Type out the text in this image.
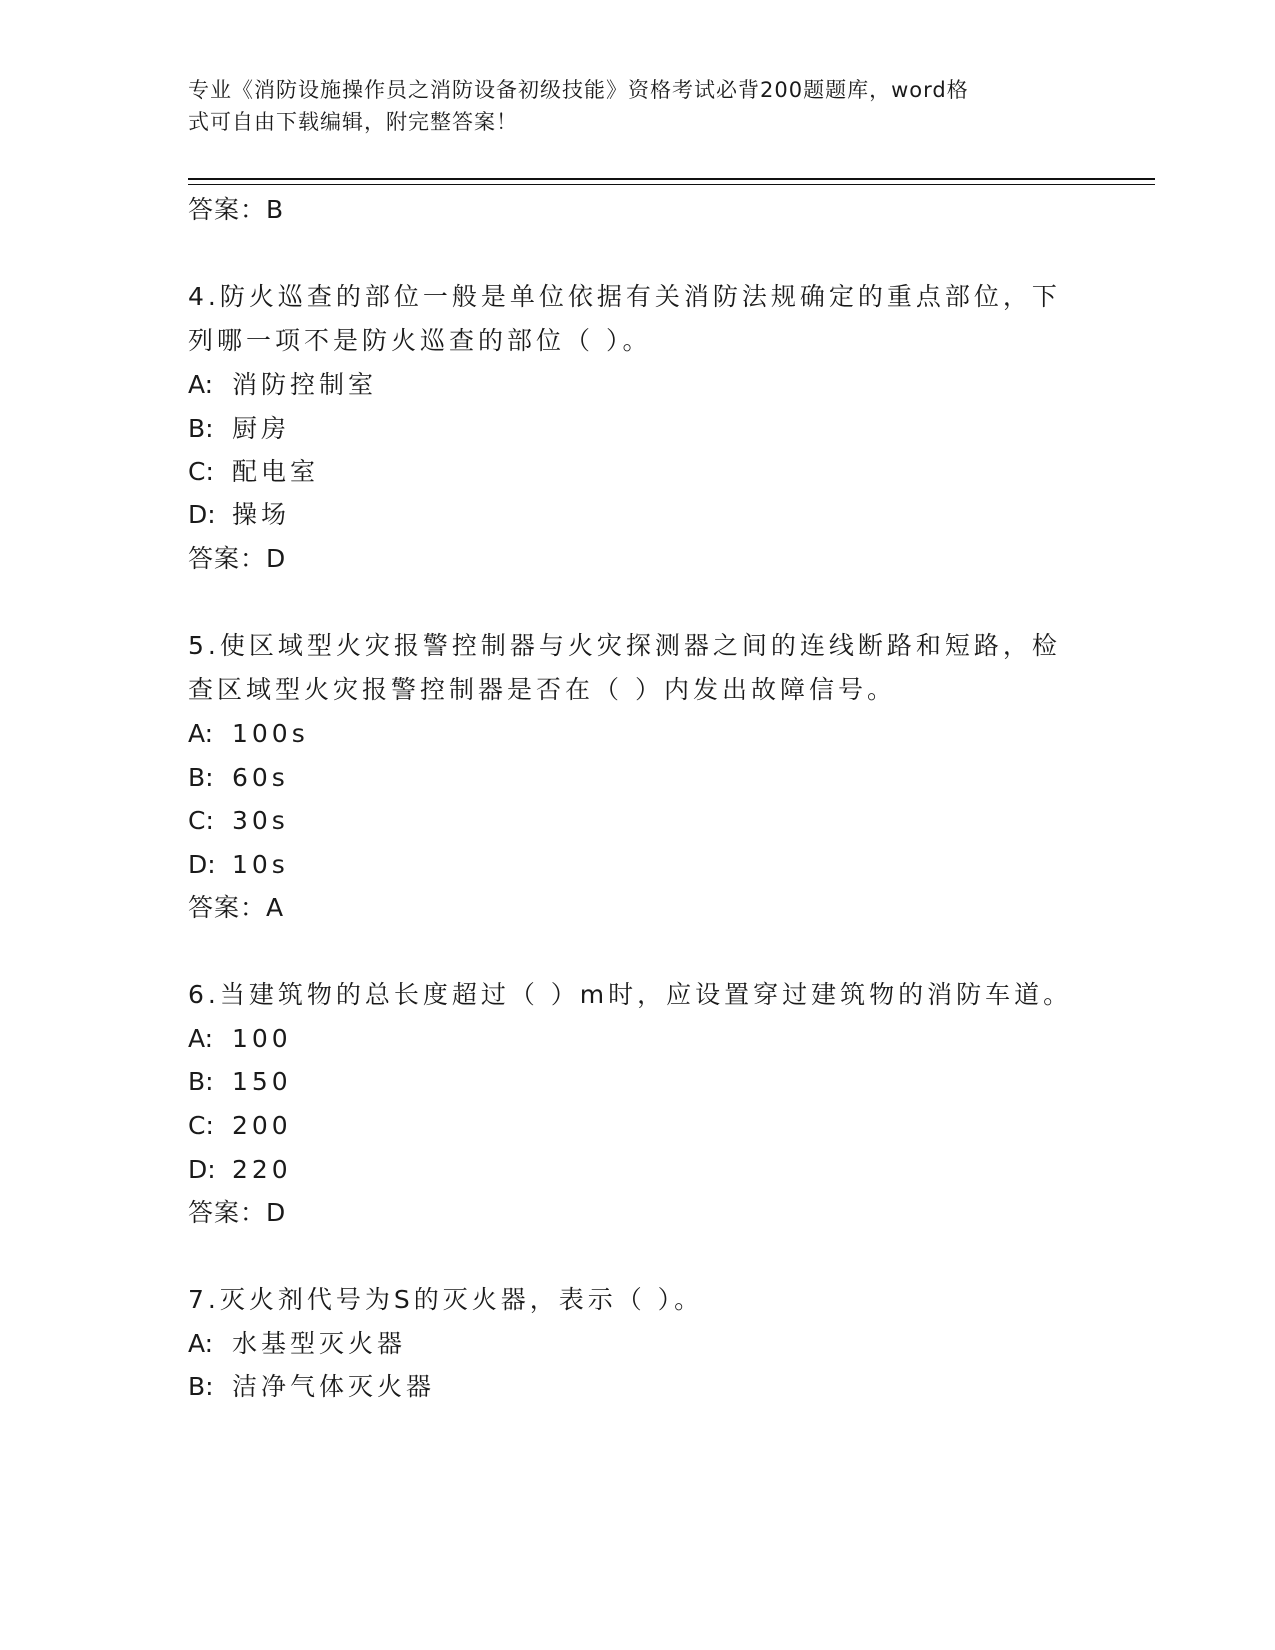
专业《消防设施操作员之消防设备初级技能》资格考试必背200题题库，word格
式可自由下载编辑，附完整答案！
答案：B
4.防火巡查的部位一般是单位依据有关消防法规确定的重点部位，下
列哪一项不是防火巡查的部位（ ）。
A: 消防控制室
B: 厨房
C: 配电室
D: 操场
答案：D
5.使区域型火灾报警控制器与火灾探测器之间的连线断路和短路，检
查区域型火灾报警控制器是否在（ ）内发出故障信号。
A: 100s
B: 60s
C: 30s
D: 10s
答案：A
6.当建筑物的总长度超过（ ）m时，应设置穿过建筑物的消防车道。
A: 100
B: 150
C: 200
D: 220
答案：D
7.灭火剂代号为S的灭火器，表示（ ）。
A: 水基型灭火器
B: 洁净气体灭火器
